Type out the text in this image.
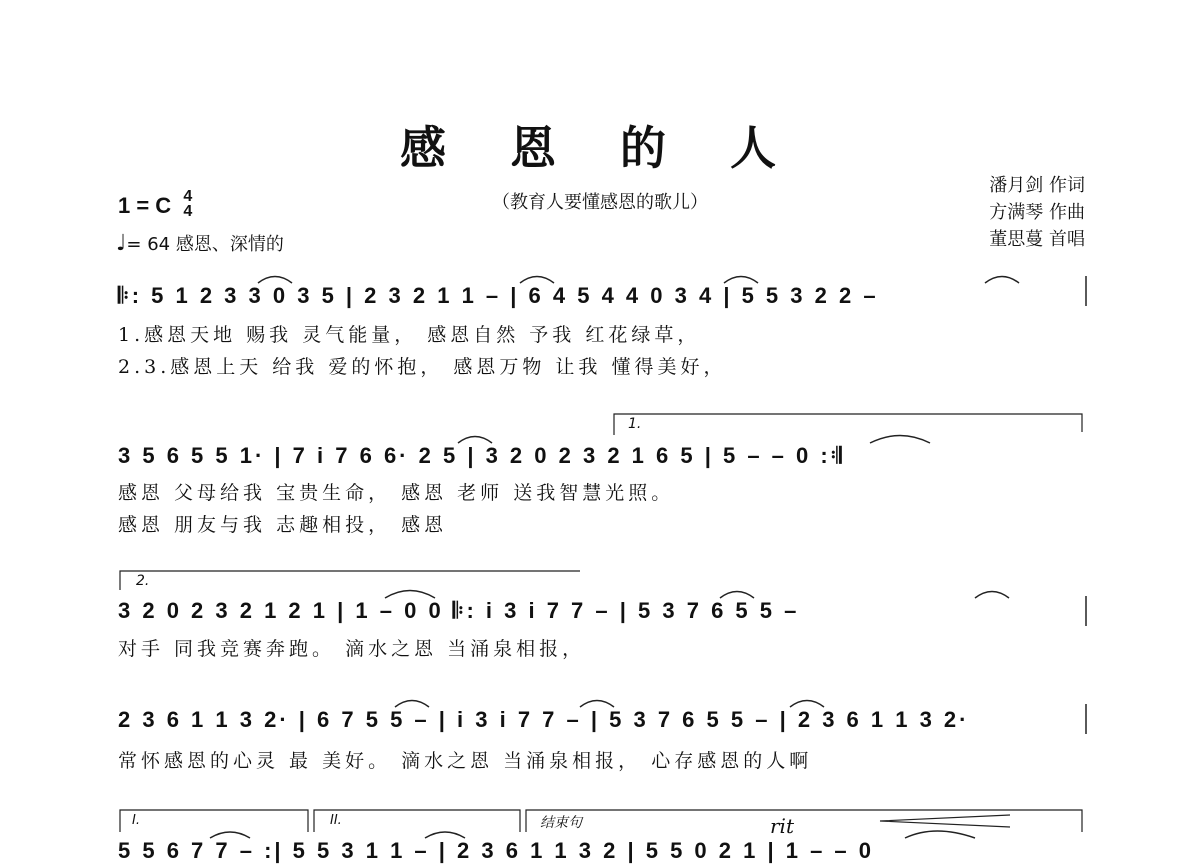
感 恩 的 人
（教育人要懂感恩的歌儿）
潘月剑 作词
方满琴 作曲
董思蔓 首唱
1 = C 4
4
♩= 64 感恩、深情的
𝄆: 5 1 2 3 3 0 3 5 | 2 3 2 1 1 – | 6 4 5 4 4 0 3 4 | 5 5 3 2 2 –
1.感恩天地 赐我 灵气能量， 感恩自然 予我 红花绿草，
2.3.感恩上天 给我 爱的怀抱， 感恩万物 让我 懂得美好，
1.
3 5 6 5 5 1· | 7 i 7 6 6· 2 5 | 3 2 0 2 3 2 1 6 5 | 5 – – 0 :𝄇
感恩 父母给我 宝贵生命， 感恩 老师 送我智慧光照。
感恩 朋友与我 志趣相投， 感恩
2.
3 2 0 2 3 2 1 2 1 | 1 – 0 0 𝄆: i 3 i 7 7 – | 5 3 7 6 5 5 –
对手 同我竞赛奔跑。 滴水之恩 当涌泉相报，
2 3 6 1 1 3 2· | 6 7 5 5 – | i 3 i 7 7 – | 5 3 7 6 5 5 – | 2 3 6 1 1 3 2·
常怀感恩的心灵 最 美好。 滴水之恩 当涌泉相报， 心存感恩的人啊
I.	II.	结束句	rit
5 5 6 7 7 – :| 5 5 3 1 1 – | 2 3 6 1 1 3 2 | 5 5 0 2 1 | 1 – – 0
